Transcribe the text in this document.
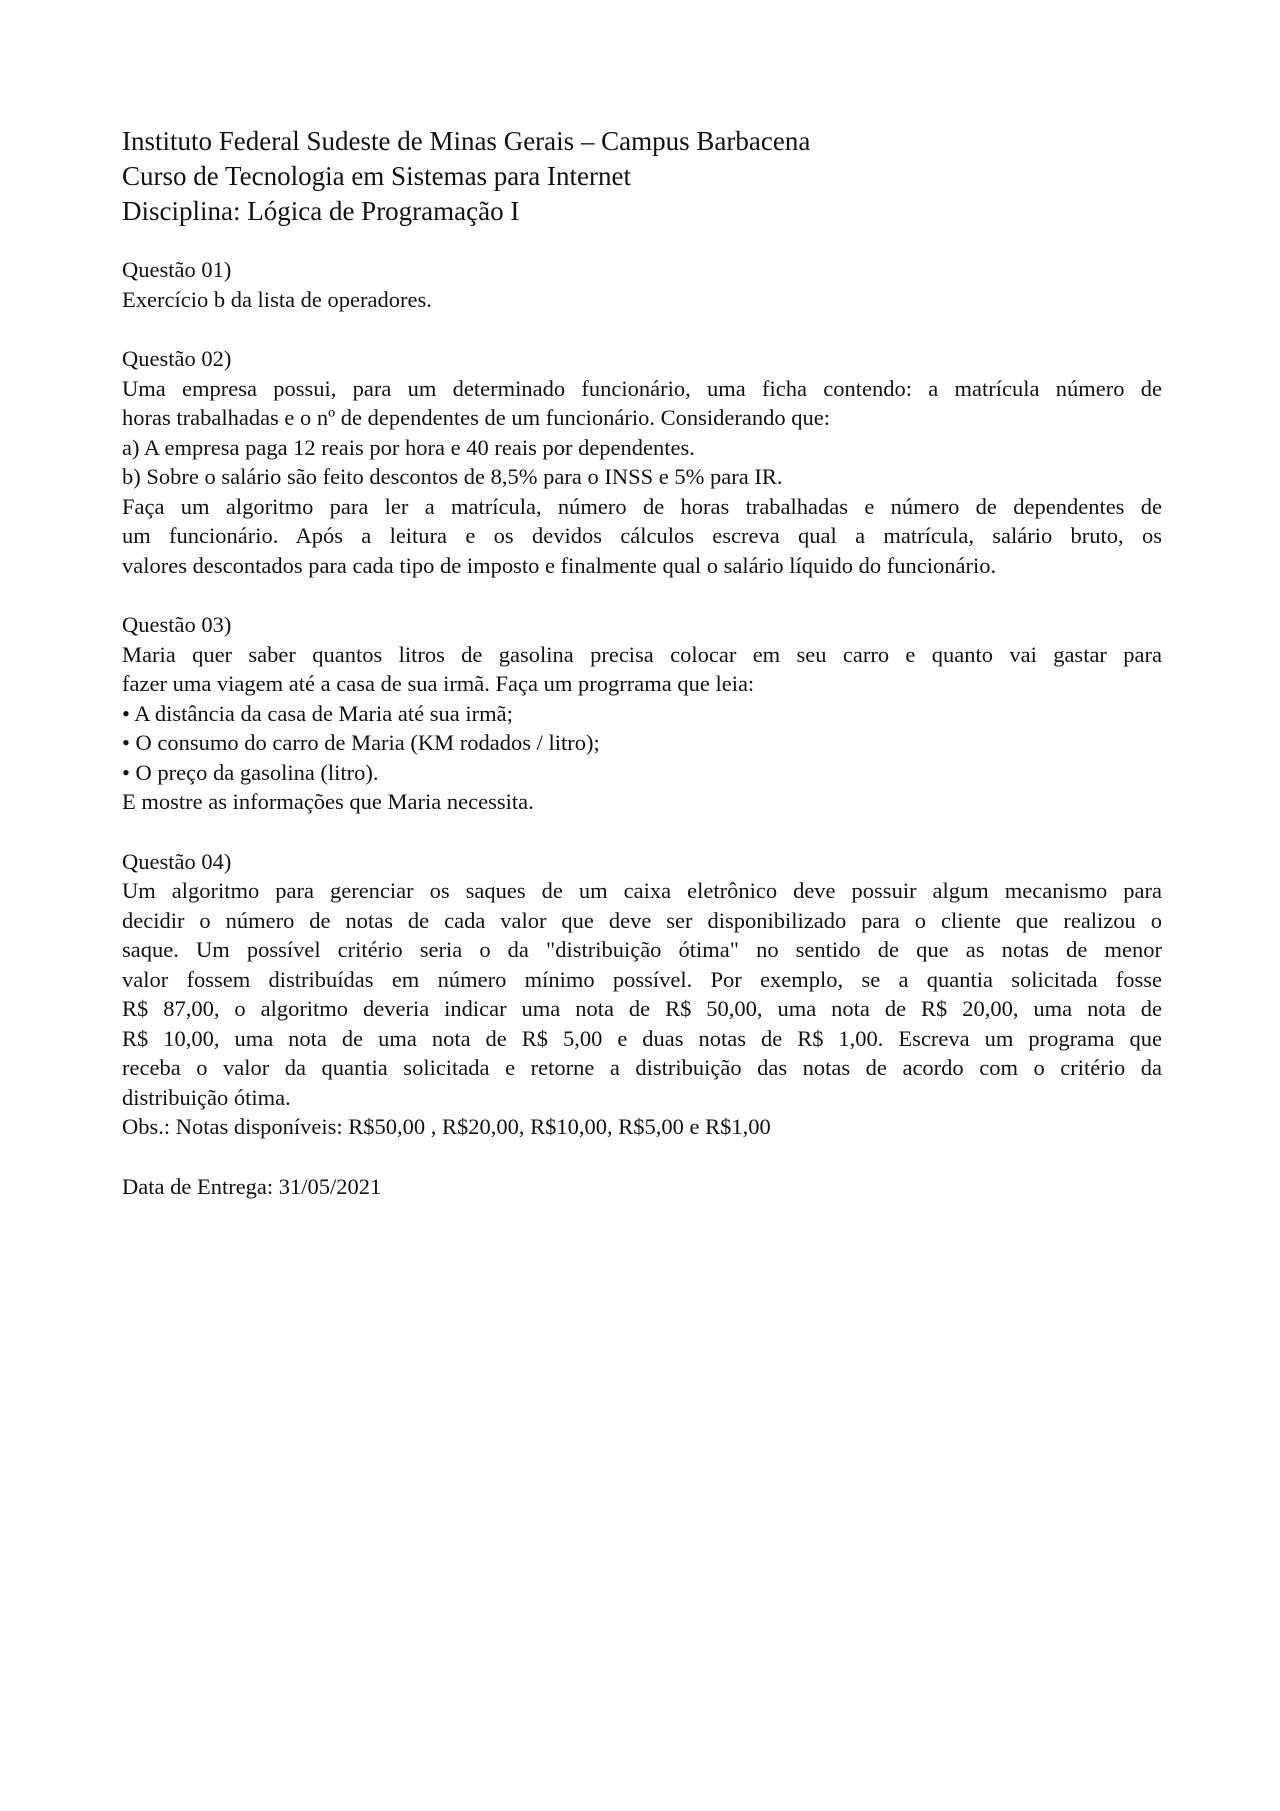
Instituto Federal Sudeste de Minas Gerais – Campus Barbacena

Curso de Tecnologia em Sistemas para Internet

Disciplina: Lógica de Programação I

Questão 01)

Exercício b da lista de operadores.

Questão 02)

Uma empresa possui, para um determinado funcionário, uma ficha contendo: a matrícula número de

horas trabalhadas e o nº de dependentes de um funcionário. Considerando que:

a) A empresa paga 12 reais por hora e 40 reais por dependentes.

b) Sobre o salário são feito descontos de 8,5% para o INSS e 5% para IR.

Faça um algoritmo para ler a matrícula, número de horas trabalhadas e número de dependentes de

um funcionário. Após a leitura e os devidos cálculos escreva qual a matrícula, salário bruto, os

valores descontados para cada tipo de imposto e finalmente qual o salário líquido do funcionário.

Questão 03)

Maria quer saber quantos litros de gasolina precisa colocar em seu carro e quanto vai gastar para

fazer uma viagem até a casa de sua irmã. Faça um progrrama que leia:

• A distância da casa de Maria até sua irmã;

• O consumo do carro de Maria (KM rodados / litro);

• O preço da gasolina (litro).

E mostre as informações que Maria necessita.

Questão 04)

Um algoritmo para gerenciar os saques de um caixa eletrônico deve possuir algum mecanismo para

decidir o número de notas de cada valor que deve ser disponibilizado para o cliente que realizou o

saque. Um possível critério seria o da "distribuição ótima" no sentido de que as notas de menor

valor fossem distribuídas em número mínimo possível. Por exemplo, se a quantia solicitada fosse

R$ 87,00, o algoritmo deveria indicar uma nota de R$ 50,00, uma nota de R$ 20,00, uma nota de

R$ 10,00, uma nota de uma nota de R$ 5,00 e duas notas de R$ 1,00. Escreva um programa que

receba o valor da quantia solicitada e retorne a distribuição das notas de acordo com o critério da

distribuição ótima.

Obs.: Notas disponíveis: R$50,00 , R$20,00, R$10,00, R$5,00 e R$1,00

Data de Entrega: 31/05/2021
